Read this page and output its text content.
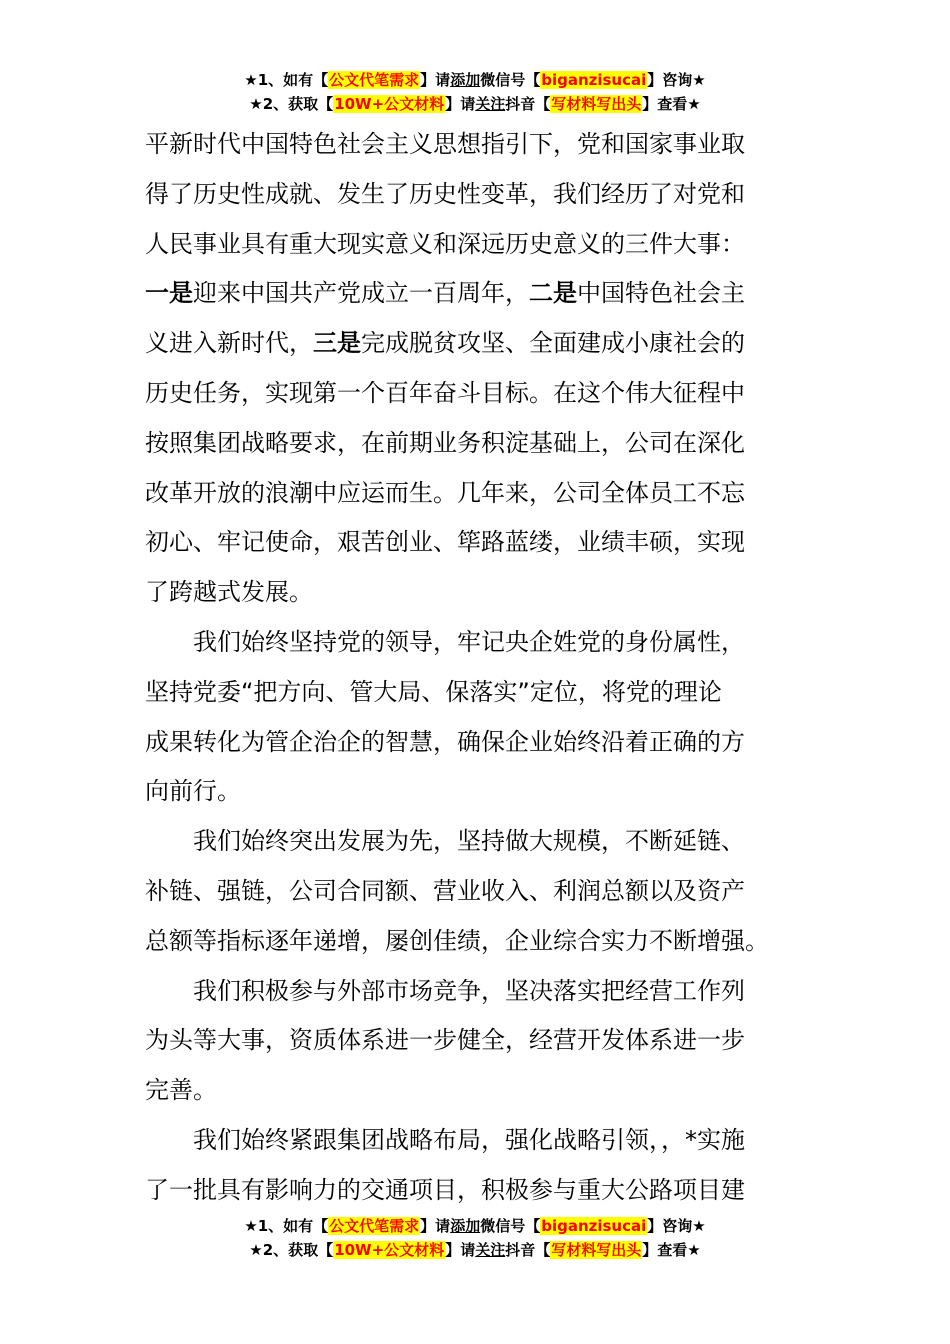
★1、如有【公文代笔需求】请添加微信号【biganzisucai】咨询★
★2、获取【10W+公文材料】请关注抖音【写材料写出头】查看★

平新时代中国特色社会主义思想指引下，党和国家事业取

得了历史性成就、发生了历史性变革，我们经历了对党和

人民事业具有重大现实意义和深远历史意义的三件大事：

一是迎来中国共产党成立一百周年，二是中国特色社会主

义进入新时代，三是完成脱贫攻坚、全面建成小康社会的

历史任务，实现第一个百年奋斗目标。在这个伟大征程中

按照集团战略要求，在前期业务积淀基础上，公司在深化

改革开放的浪潮中应运而生。几年来，公司全体员工不忘

初心、牢记使命，艰苦创业、筚路蓝缕，业绩丰硕，实现

了跨越式发展。

我们始终坚持党的领导，牢记央企姓党的身份属性，

坚持党委“把方向、管大局、保落实”定位，将党的理论

成果转化为管企治企的智慧，确保企业始终沿着正确的方

向前行。

我们始终突出发展为先，坚持做大规模，不断延链、

补链、强链，公司合同额、营业收入、利润总额以及资产

总额等指标逐年递增，屡创佳绩，企业综合实力不断增强。

我们积极参与外部市场竞争，坚决落实把经营工作列

为头等大事，资质体系进一步健全，经营开发体系进一步

完善。

我们始终紧跟集团战略布局，强化战略引领，，*实施

了一批具有影响力的交通项目，积极参与重大公路项目建

★1、如有【公文代笔需求】请添加微信号【biganzisucai】咨询★
★2、获取【10W+公文材料】请关注抖音【写材料写出头】查看★
